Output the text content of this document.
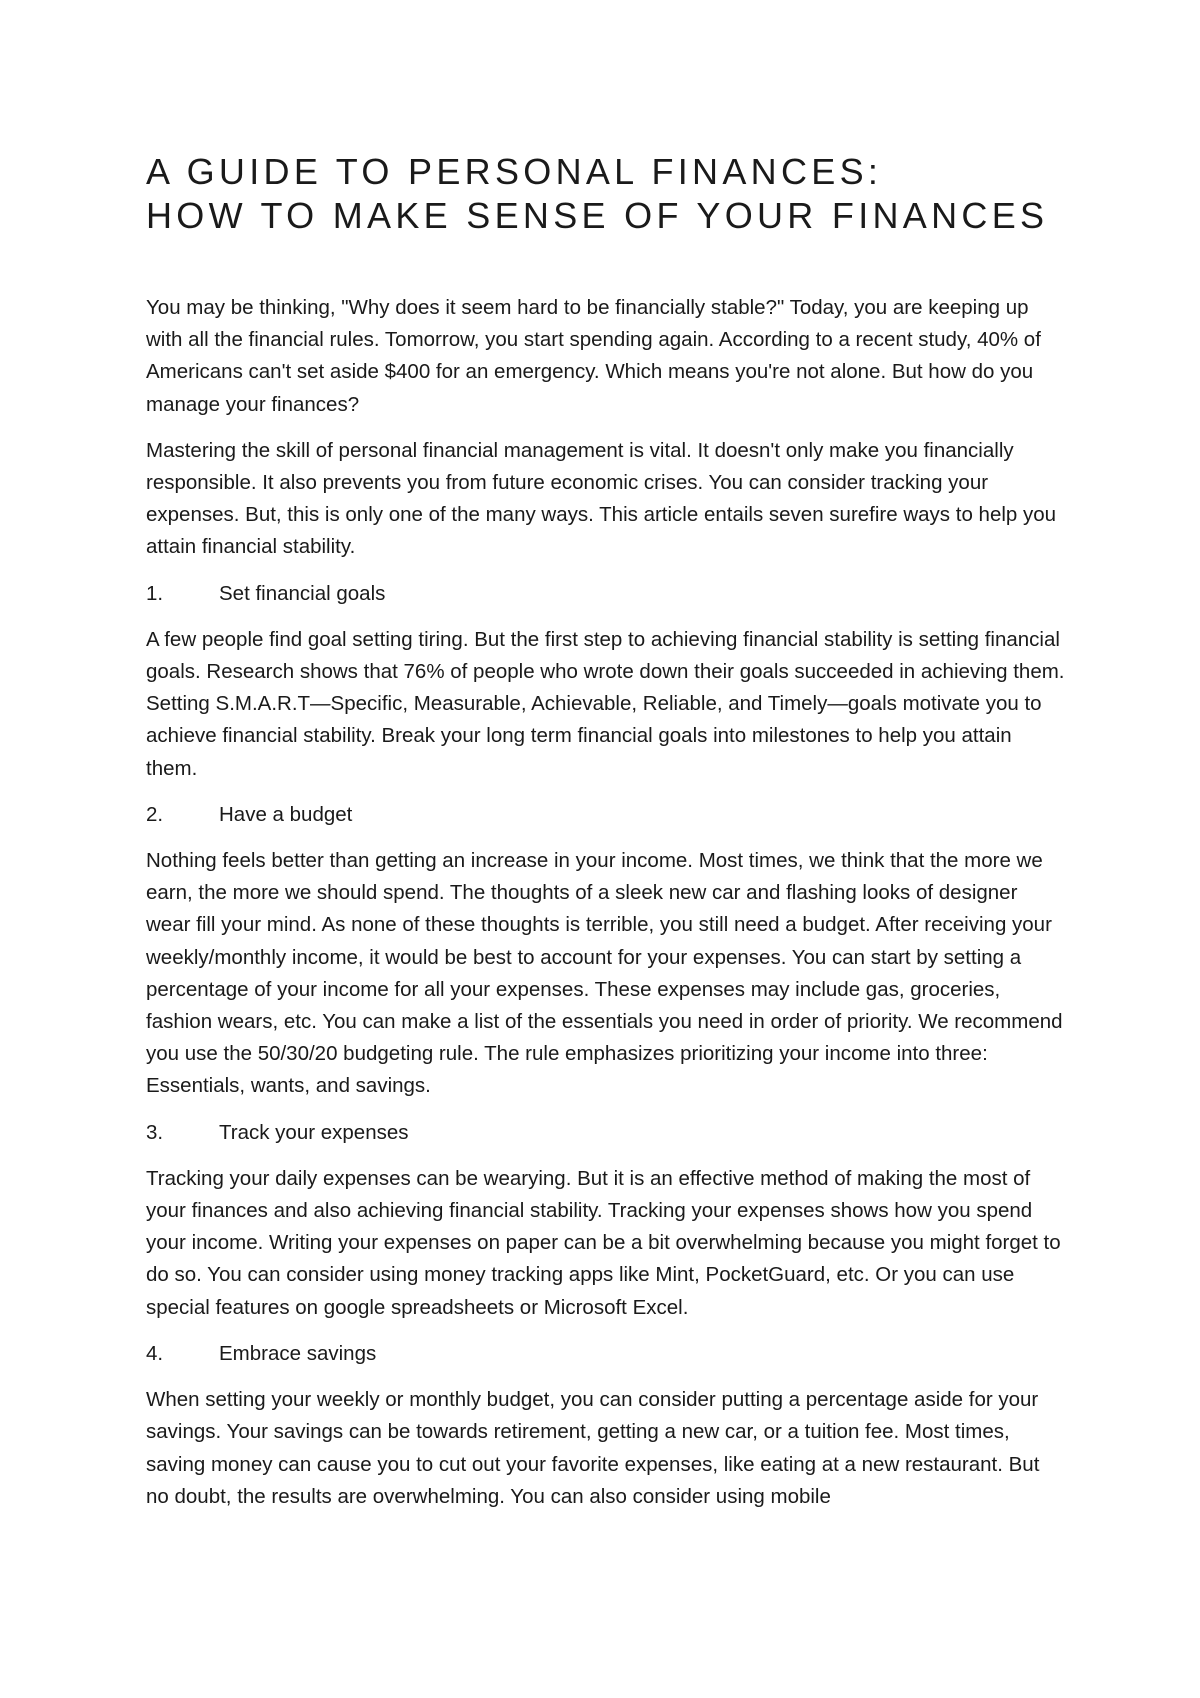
A GUIDE TO PERSONAL FINANCES:
HOW TO MAKE SENSE OF YOUR FINANCES

You may be thinking, "Why does it seem hard to be financially stable?" Today, you are keeping up with all the financial rules. Tomorrow, you start spending again. According to a recent study, 40% of Americans can't set aside $400 for an emergency. Which means you're not alone. But how do you manage your finances?

Mastering the skill of personal financial management is vital. It doesn't only make you financially responsible. It also prevents you from future economic crises. You can consider tracking your expenses. But, this is only one of the many ways. This article entails seven surefire ways to help you attain financial stability.

1.	Set financial goals

A few people find goal setting tiring. But the first step to achieving financial stability is setting financial goals. Research shows that 76% of people who wrote down their goals succeeded in achieving them. Setting S.M.A.R.T—Specific, Measurable, Achievable, Reliable, and Timely—goals motivate you to achieve financial stability. Break your long term financial goals into milestones to help you attain them.

2.	Have a budget

Nothing feels better than getting an increase in your income. Most times, we think that the more we earn, the more we should spend. The thoughts of a sleek new car and flashing looks of designer wear fill your mind. As none of these thoughts is terrible, you still need a budget. After receiving your weekly/monthly income, it would be best to account for your expenses. You can start by setting a percentage of your income for all your expenses. These expenses may include gas, groceries, fashion wears, etc. You can make a list of the essentials you need in order of priority. We recommend you use the 50/30/20 budgeting rule. The rule emphasizes prioritizing your income into three: Essentials, wants, and savings.

3.	Track your expenses

Tracking your daily expenses can be wearying. But it is an effective method of making the most of your finances and also achieving financial stability. Tracking your expenses shows how you spend your income. Writing your expenses on paper can be a bit overwhelming because you might forget to do so. You can consider using money tracking apps like Mint, PocketGuard, etc. Or you can use special features on google spreadsheets or Microsoft Excel.

4.	Embrace savings

When setting your weekly or monthly budget, you can consider putting a percentage aside for your savings. Your savings can be towards retirement, getting a new car, or a tuition fee. Most times, saving money can cause you to cut out your favorite expenses, like eating at a new restaurant. But no doubt, the results are overwhelming. You can also consider using mobile
